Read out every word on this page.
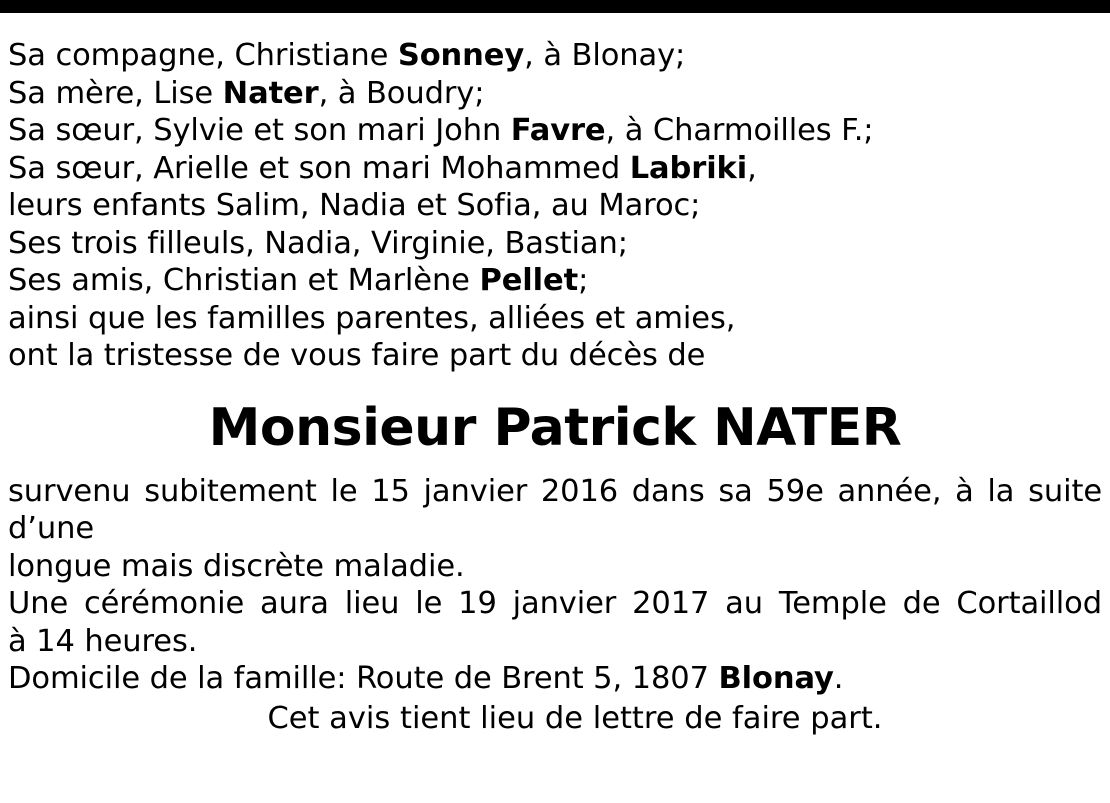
Sa compagne, Christiane Sonney, à Blonay;
Sa mère, Lise Nater, à Boudry;
Sa sœur, Sylvie et son mari John Favre, à Charmoilles F.;
Sa sœur, Arielle et son mari Mohammed Labriki,
leurs enfants Salim, Nadia et Sofia, au Maroc;
Ses trois filleuls, Nadia, Virginie, Bastian;
Ses amis, Christian et Marlène Pellet;
ainsi que les familles parentes, alliées et amies,
ont la tristesse de vous faire part du décès de
Monsieur Patrick NATER
survenu subitement le 15 janvier 2016 dans sa 59e année, à la suite d’une
longue mais discrète maladie.
Une cérémonie aura lieu le 19 janvier 2017 au Temple de Cortaillod
à 14 heures.
Domicile de la famille: Route de Brent 5, 1807 Blonay.
Cet avis tient lieu de lettre de faire part.
